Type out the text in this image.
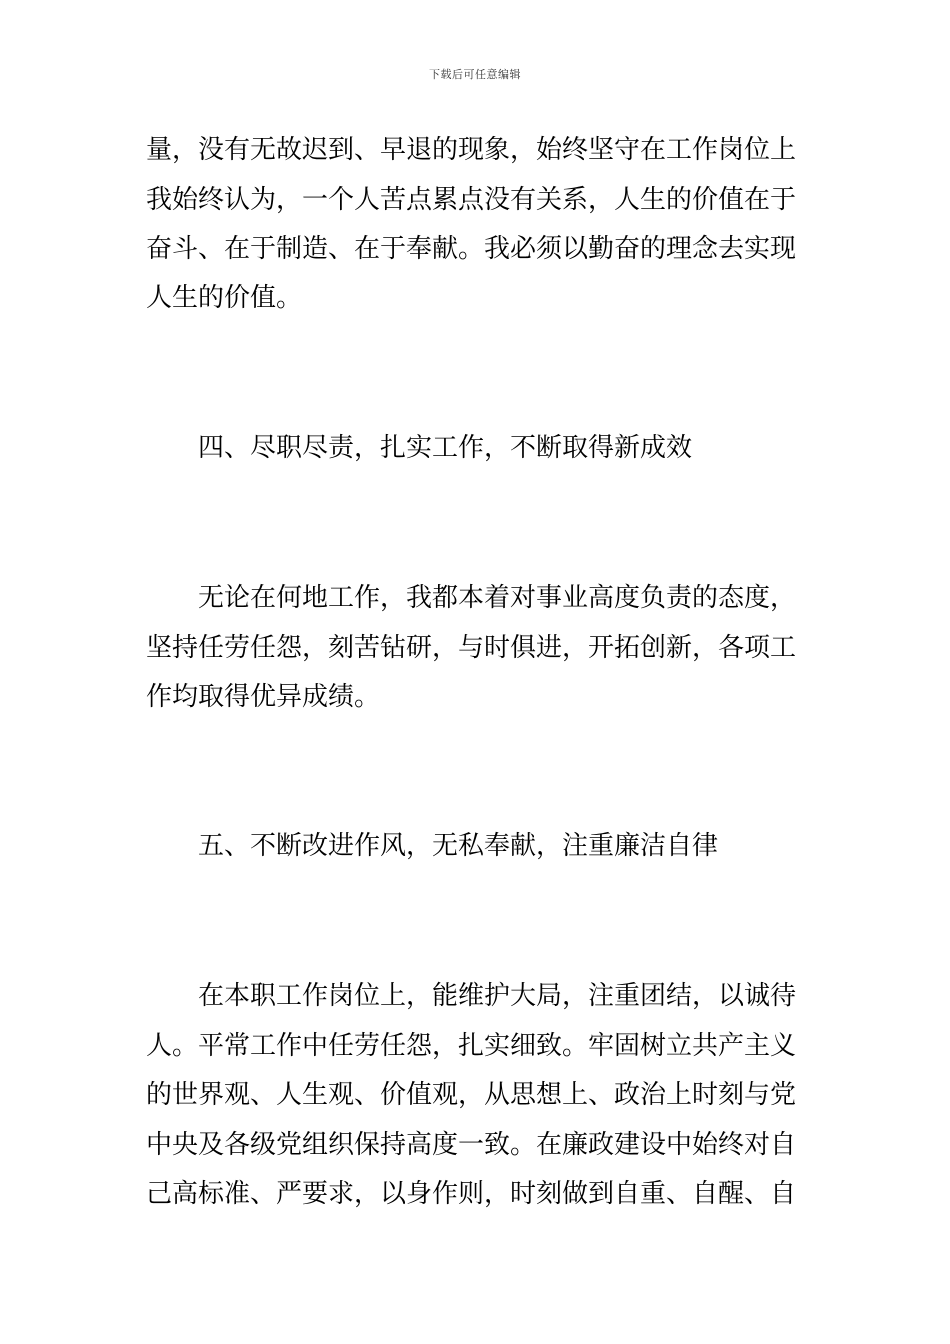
下载后可任意编辑
量，没有无故迟到、早退的现象，始终坚守在工作岗位上
我始终认为，一个人苦点累点没有关系，人生的价值在于
奋斗、在于制造、在于奉献。我必须以勤奋的理念去实现
人生的价值。
四、尽职尽责，扎实工作，不断取得新成效
无论在何地工作，我都本着对事业高度负责的态度，
坚持任劳任怨，刻苦钻研，与时俱进，开拓创新，各项工
作均取得优异成绩。
五、不断改进作风，无私奉献，注重廉洁自律
在本职工作岗位上，能维护大局，注重团结，以诚待
人。平常工作中任劳任怨，扎实细致。牢固树立共产主义
的世界观、人生观、价值观，从思想上、政治上时刻与党
中央及各级党组织保持高度一致。在廉政建设中始终对自
己高标准、严要求，以身作则，时刻做到自重、自醒、自
